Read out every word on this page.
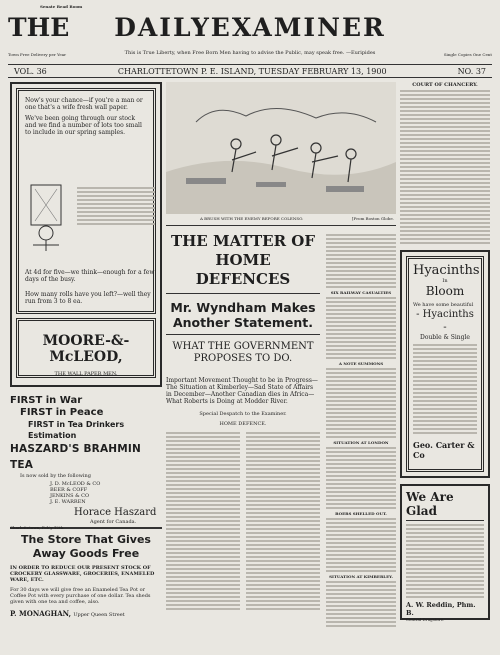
Senate Read Room
THE	DAILYEXAMINER
This is True Liberty, when Free Born Men having to advise the Public, may speak free. —Euripides
Town Free Delivery per Year	Single Copies One Cent
VOL. 36	CHARLOTTETOWN P. E. ISLAND, TUESDAY FEBRUARY 13, 1900	NO. 37

Now's your chance—if you're a man or one that's a wife fresh wall paper.

We've been going through our stock and we find a number of lots too small to include in our spring samples.

At 4d for five—we think—enough for a few days of the busy.

How many rolls have you left?—well they run from 3 to 8 ea.

MOORE-&-McLEOD,
THE WALL PAPER MEN.
FIRST in War
FIRST in Peace
FIRST in Tea Drinkers Estimation
HASZARD'S BRAHMIN TEA
Is now sold by the following
J. D. McLEOD & CO
BEER & COFF
JENKINS & CO
J. E. WARREN
Horace Haszard
Agent for Canada.
Charlottetown, Feb'y 12th.
The Store That Gives
Away Goods Free
IN ORDER TO REDUCE OUR PRESENT STOCK OF CROCKERY GLASSWARE, GROCERIES, ENAMELED WARE, ETC.
For 30 days we will give free an Enameled Tea Pot or Coffee Pot with every purchase of one dollar. Tea sheds given with one tea and coffee, also.
P. MONAGHAN, Upper Queen Street
A BRUSH WITH THE ENEMY BEFORE COLENSO.	[From Boston Globe.
THE MATTER OF HOME DEFENCES
Mr. Wyndham Makes Another Statement.
WHAT THE GOVERNMENT PROPOSES TO DO.
Important Movement Thought to be in Progress—The Situation at Kimberley—Sad State of Affairs in December—Another Canadian dies in Africa—What Roberts is Doing at Modder River.
Special Despatch to the Examiner.
HOME DEFENCE.
SIX RAILWAY CASUALTIES
A NOTE SUMMONS
SITUATION AT LONDON
BOERS SHELLED OUT.
SITUATION AT KIMBERLEY.
COURT OF CHANCERY.
Hyacinths
In
Bloom
We have some beautiful
- Hyacinths -
Double & Single
Geo. Carter & Co
We Are Glad
A. W. Reddin, Phm. B.
Central Drugstore.
